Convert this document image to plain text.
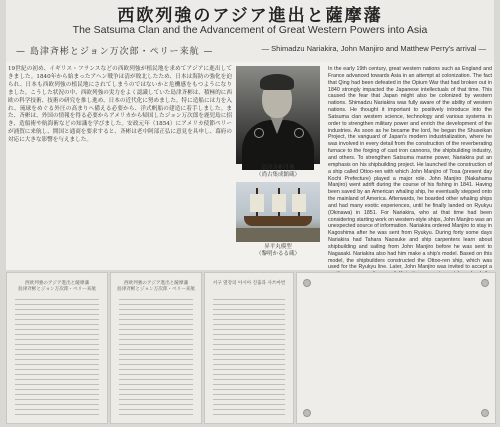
西欧列強のアジア進出と薩摩藩
The Satsuma Clan and the Advancement of Great Western Powers into Asia
— 島津斉彬とジョン万次郎・ペリー来航 —	— Shimadzu Nariakira, John Manjiro and Matthew Perry's arrival —
19世紀の初め、イギリス・フランスなどの西欧列強が植民地を求めてアジアに進出してきました。1840年から始まったアヘン戦争は清が敗北したため、日本は海防の強化を迫られ、日本も西欧列強の植民地にされてしまうのではないかと危機感をもつようになりました。こうした状況の中、西欧列強の実力をよく認識していた島津斉彬は、積極的に西欧の科学技術、技術の研究を推し進め、日本の近代化に努めました。特に造船には力を入れ、琉球をめぐる外圧の高まりへ備える必要から、洋式帆船の建造に着手しました。また、斉彬は、外国の情報を得る必要からアメリカから帰国したジョン万次郎を鹿児島に招き、造船術や航海術などの知識を学びました。安政元年（1854）にアメリカ使節ペリーが浦賀に来航し、開国と通商を要求すると、斉彬は老中阿部正弘に意見を具申し、幕府の対応に大きな影響を与えました。
島津斉彬肖像
（尚古集成館蔵）
昇平丸模型
（黎明かるる蔵）
In the early 19th century, great western nations such as England and France advanced towards Asia in an attempt at colonization. The fact that Qing had been defeated in the Opium War that had broken out in 1840 strongly impacted the Japanese intellectuals of that time. This caused the fear that Japan might also be colonized by western nations. Shimadzu Nariakira was fully aware of the ability of western nations. He thought it important to positively introduce into the Satsuma clan western science, technology and various systems in order to strengthen military power and enrich the development of the industries. As soon as he became the lord, he began the Shuseikan Project, the vanguard of Japan's modern industrialization, where he was involved in every detail from the construction of the reverberating furnace to the forging of cast iron cannons, the shipbuilding industry, and others. To strengthen Satsuma marine power, Nariakira put an emphasis on his shipbuilding project. He launched the construction of a ship called Ottoo-ren with which John Manjiro of Tosa (present day Kochi Prefecture) played a major role. John Manjiro (Nakahama Manjiro) went adrift during the course of his fishing in 1841. Having been saved by an American whaling ship, he eventually stepped onto the mainland of America. Afterwards, he boarded other whaling ships and had many exotic experiences, until he finally landed on Ryukyu (Okinawa) in 1851. For Nariakira, who at that time had been considering starting work on western-style ships, John Manjiro was an unexpected source of information. Nariakira ordered Manjiro to stay in Kagoshima after he was sent from Ryukyu. During forty some days Nariakira had Tahara Naosuke and ship carpenters learn about shipbuilding and sailing from John Manjiro before he was sent to Nagasaki. Nariakira also had him make a ship's model. Based on this model, the shipbuilders constructed the Ottoo-ren ship, which was used for the Ryukyu line. Later, John Manjiro was invited to accept a
西欧列強のアジア進出と薩摩藩
島津斉彬とジョン万次郎・ペリー来航
西欧列強のアジア進出と薩摩藩
島津斉彬とジョン万次郎・ペリー来航
서구 열강의 아시아 진출과 사쓰마번
